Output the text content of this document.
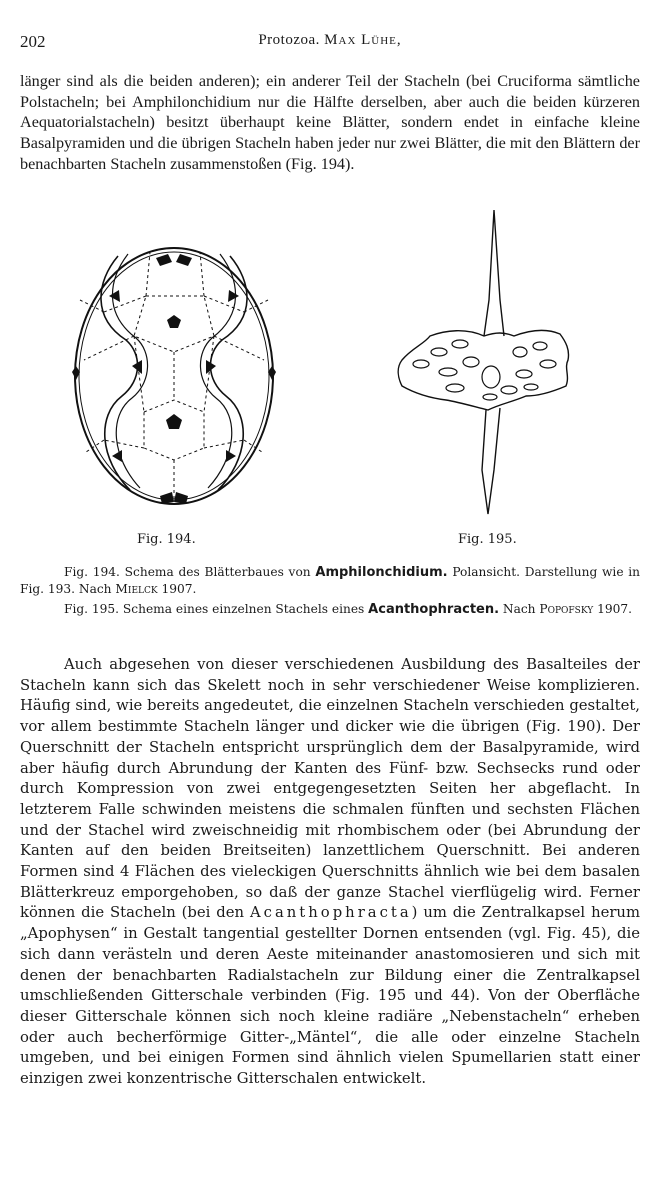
202	Protozoa. Max Lühe,

länger sind als die beiden anderen); ein anderer Teil der Stacheln (bei Cruciforma sämtliche Polstacheln; bei Amphilonchidium nur die Hälfte derselben, aber auch die beiden kürzeren Aequatorialstacheln) besitzt überhaupt keine Blätter, sondern endet in einfache kleine Basalpyramiden und die übrigen Stacheln haben jeder nur zwei Blätter, die mit den Blättern der benachbarten Stacheln zusammenstoßen (Fig. 194).

Fig. 194.	Fig. 195.

Fig. 194. Schema des Blätterbaues von Amphilonchidium. Polansicht. Darstellung wie in Fig. 193. Nach Mielck 1907.

Fig. 195. Schema eines einzelnen Stachels eines Acanthophracten. Nach Popofsky 1907.

Auch abgesehen von dieser verschiedenen Ausbildung des Basalteiles der Stacheln kann sich das Skelett noch in sehr verschiedener Weise komplizieren. Häufig sind, wie bereits angedeutet, die einzelnen Stacheln verschieden gestaltet, vor allem bestimmte Stacheln länger und dicker wie die übrigen (Fig. 190). Der Querschnitt der Stacheln entspricht ursprünglich dem der Basalpyramide, wird aber häufig durch Abrundung der Kanten des Fünf- bzw. Sechsecks rund oder durch Kompression von zwei entgegengesetzten Seiten her abgeflacht. In letzterem Falle schwinden meistens die schmalen fünften und sechsten Flächen und der Stachel wird zweischneidig mit rhombischem oder (bei Abrundung der Kanten auf den beiden Breitseiten) lanzettlichem Querschnitt. Bei anderen Formen sind 4 Flächen des vieleckigen Querschnitts ähnlich wie bei dem basalen Blätterkreuz emporgehoben, so daß der ganze Stachel vierflügelig wird. Ferner können die Stacheln (bei den Acanthophracta) um die Zentralkapsel herum „Apophysen“ in Gestalt tangential gestellter Dornen entsenden (vgl. Fig. 45), die sich dann verästeln und deren Aeste miteinander anastomosieren und sich mit denen der benachbarten Radialstacheln zur Bildung einer die Zentralkapsel umschließenden Gitterschale verbinden (Fig. 195 und 44). Von der Oberfläche dieser Gitterschale können sich noch kleine radiäre „Nebenstacheln“ erheben oder auch becherförmige Gitter-„Mäntel“, die alle oder einzelne Stacheln umgeben, und bei einigen Formen sind ähnlich vielen Spumellarien statt einer einzigen zwei konzentrische Gitterschalen entwickelt.
